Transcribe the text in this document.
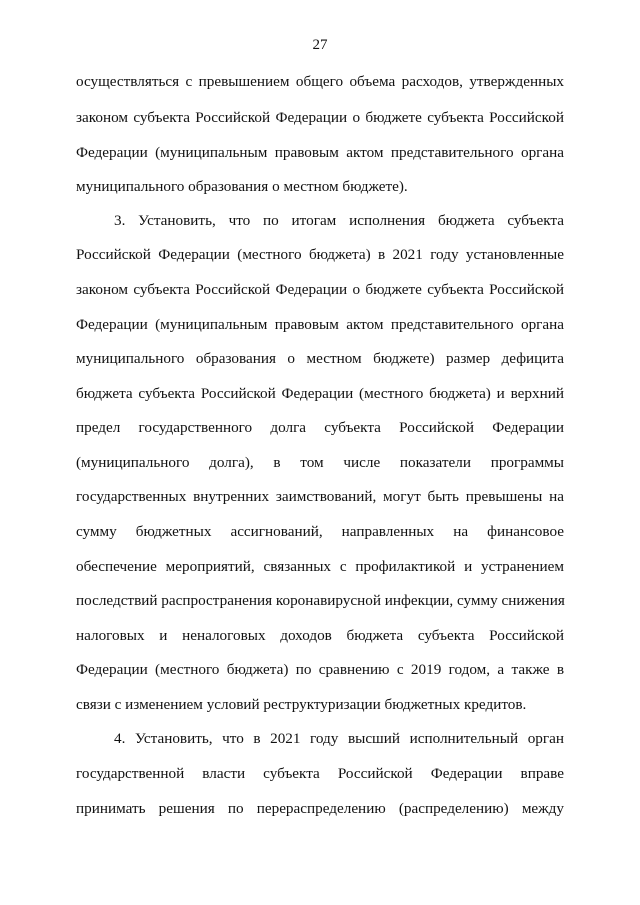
27
осуществляться с превышением общего объема расходов, утвержденных
законом субъекта Российской Федерации о бюджете субъекта Российской
Федерации (муниципальным правовым актом представительного органа
муниципального образования о местном бюджете).
3. Установить, что по итогам исполнения бюджета субъекта
Российской Федерации (местного бюджета) в 2021 году установленные
законом субъекта Российской Федерации о бюджете субъекта Российской
Федерации (муниципальным правовым актом представительного органа
муниципального образования о местном бюджете) размер дефицита
бюджета субъекта Российской Федерации (местного бюджета) и верхний
предел государственного долга субъекта Российской Федерации
(муниципального долга), в том числе показатели программы
государственных внутренних заимствований, могут быть превышены на
сумму бюджетных ассигнований, направленных на финансовое
обеспечение мероприятий, связанных с профилактикой и устранением
последствий распространения коронавирусной инфекции, сумму снижения
налоговых и неналоговых доходов бюджета субъекта Российской
Федерации (местного бюджета) по сравнению с 2019 годом, а также в
связи с изменением условий реструктуризации бюджетных кредитов.
4. Установить, что в 2021 году высший исполнительный орган
государственной власти субъекта Российской Федерации вправе
принимать решения по перераспределению (распределению) между
